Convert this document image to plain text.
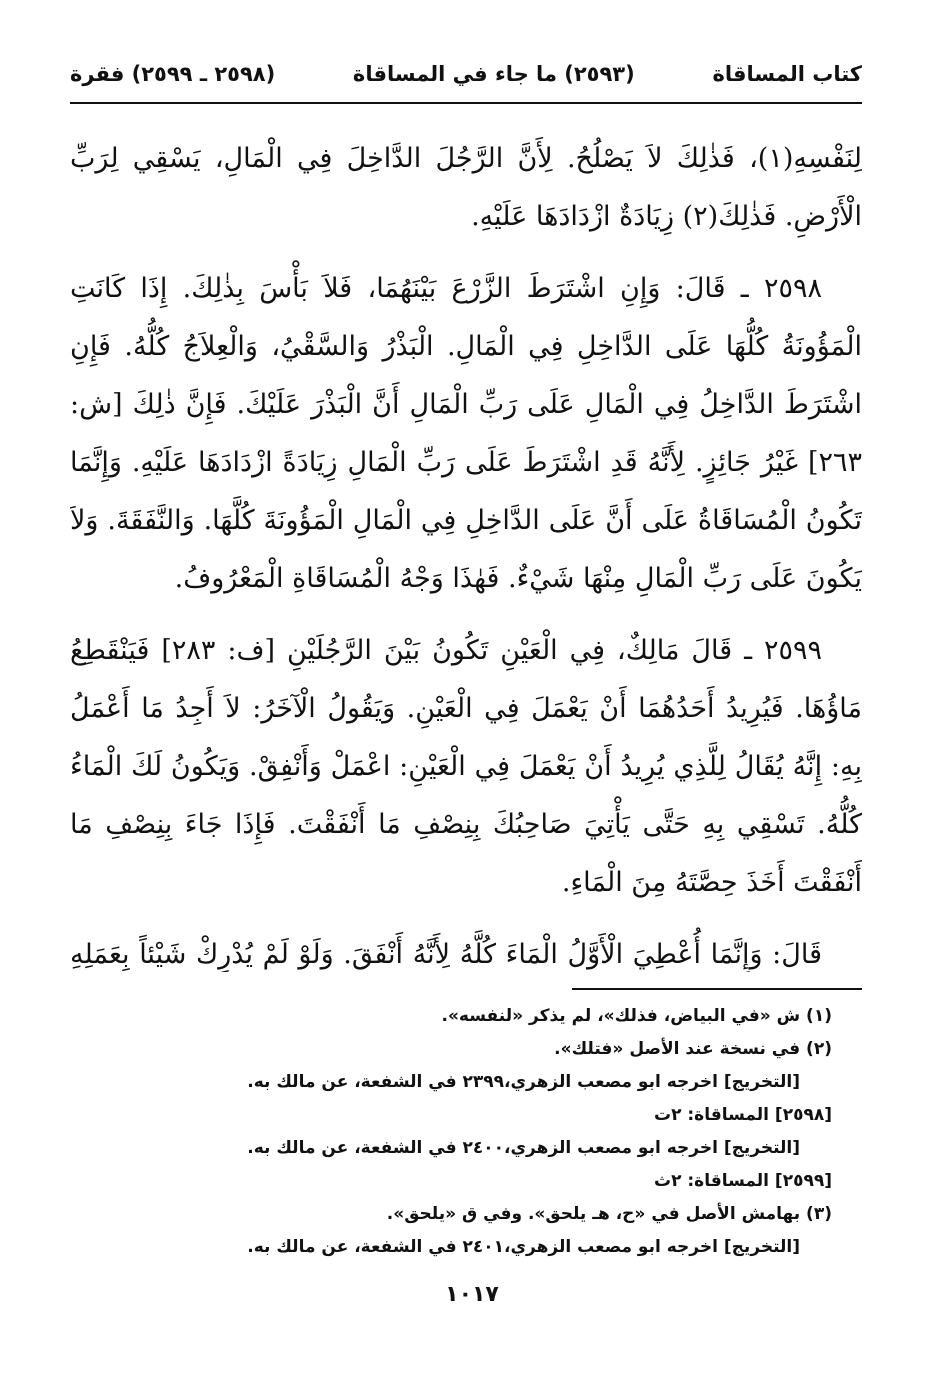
كتاب المساقاة
(٢٥٩٣) ما جاء في المساقاة
(٢٥٩٨ ـ ٢٥٩٩) فقرة

لِنَفْسِهِ(١)، فَذٰلِكَ لاَ يَصْلُحُ. لِأَنَّ الرَّجُلَ الدَّاخِلَ فِي الْمَالِ، يَسْقِي لِرَبِّ الْأَرْضِ. فَذٰلِكَ(٢) زِيَادَةٌ ازْدَادَهَا عَلَيْهِ.

٢٥٩٨ ـ قَالَ: وَإِنِ اشْتَرَطَ الزَّرْعَ بَيْنَهُمَا، فَلاَ بَأْسَ بِذٰلِكَ. إِذَا كَانَتِ الْمَؤُونَةُ كُلُّهَا عَلَى الدَّاخِلِ فِي الْمَالِ. الْبَذْرُ وَالسَّقْيُ، وَالْعِلاَجُ كُلُّهُ. فَإِنِ اشْتَرَطَ الدَّاخِلُ فِي الْمَالِ عَلَى رَبِّ الْمَالِ أَنَّ الْبَذْرَ عَلَيْكَ. فَإِنَّ ذٰلِكَ [ش: ٢٦٣] غَيْرُ جَائِزٍ. لِأَنَّهُ قَدِ اشْتَرَطَ عَلَى رَبِّ الْمَالِ زِيَادَةً ازْدَادَهَا عَلَيْهِ. وَإِنَّمَا تَكُونُ الْمُسَاقَاةُ عَلَى أَنَّ عَلَى الدَّاخِلِ فِي الْمَالِ الْمَؤُونَةَ كُلَّهَا. وَالنَّفَقَةَ. وَلاَ يَكُونَ عَلَى رَبِّ الْمَالِ مِنْهَا شَيْءٌ. فَهٰذَا وَجْهُ الْمُسَاقَاةِ الْمَعْرُوفُ.

٢٥٩٩ ـ قَالَ مَالِكٌ، فِي الْعَيْنِ تَكُونُ بَيْنَ الرَّجُلَيْنِ [ف: ٢٨٣] فَيَنْقَطِعُ مَاؤُهَا. فَيُرِيدُ أَحَدُهُمَا أَنْ يَعْمَلَ فِي الْعَيْنِ. وَيَقُولُ الْآخَرُ: لاَ أَجِدُ مَا أَعْمَلُ بِهِ: إِنَّهُ يُقَالُ لِلَّذِي يُرِيدُ أَنْ يَعْمَلَ فِي الْعَيْنِ: اعْمَلْ وَأَنْفِقْ. وَيَكُونُ لَكَ الْمَاءُ كُلُّهُ. تَسْقِي بِهِ حَتَّى يَأْتِيَ صَاحِبُكَ بِنِصْفِ مَا أَنْفَقْتَ. فَإِذَا جَاءَ بِنِصْفِ مَا أَنْفَقْتَ أَخَذَ حِصَّتَهُ مِنَ الْمَاءِ.

قَالَ: وَإِنَّمَا أُعْطِيَ الْأَوَّلُ الْمَاءَ كُلَّهُ لِأَنَّهُ أَنْفَقَ. وَلَوْ لَمْ يُدْرِكْ شَيْئاً بِعَمَلِهِ

(١) ش «في البياض، فذلك»، لم يذكر «لنفسه».
(٢) في نسخة عند الأصل «فتلك».
[التخريج] اخرجه ابو مصعب الزهري،٢٣٩٩ في الشفعة، عن مالك به.
[٢٥٩٨] المساقاة: ٢ت
[التخريج] اخرجه ابو مصعب الزهري،٢٤٠٠ في الشفعة، عن مالك به.
[٢٥٩٩] المساقاة: ٢ث
(٣) بهامش الأصل في «ح، هـ يلحق». وفي ق «يلحق».
[التخريج] اخرجه ابو مصعب الزهري،٢٤٠١ في الشفعة، عن مالك به.
١٠١٧
